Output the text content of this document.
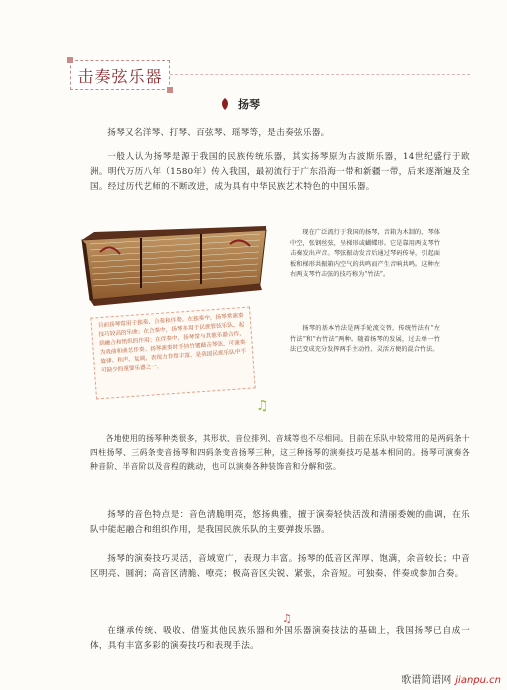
击奏弦乐器
扬琴
扬琴又名洋琴、打琴、百弦琴、瑶琴等，是击奏弦乐器。
一般人认为扬琴是源于我国的民族传统乐器，其实扬琴原为古波斯乐器，14世纪盛行于欧洲。明代万历八年（1580年）传入我国，最初流行于广东沿海一带和新疆一带，后来逐渐遍及全国。经过历代艺师的不断改进，成为具有中华民族艺术特色的中国乐器。
现在广泛流行于我国的扬琴，音箱为木制的，琴体中空，张钢丝弦，呈梯形或蝴蝶形。它是靠用两支琴竹击奏发出声音。琴弦振动发音后通过琴码传导，引起面板和梯形共振箱内空气的共鸣而产生音响共鸣。这种左右两支琴竹击弦的技巧称为“竹法”。
扬琴的基本竹法是两手轮流交替，传统竹法有“左竹法”和“右竹法”两种。随着扬琴的发展，过去单一竹法已变成充分发挥两手主动性、灵活方便的混合竹法。
目前扬琴常用于独奏、合奏和伴奏。在独奏中，扬琴常演奏技巧较高的乐曲；在合奏中，扬琴多用于民族管弦乐队，起到融合和组织的作用；在伴奏中，扬琴常与其他乐器合作，为戏曲和曲艺伴奏。扬琴演奏时手持竹键敲击琴弦，可演奏旋律、和声、复调，表现力非常丰富，是我国民族乐队中不可缺少的重要乐器之一。
♫
各地使用的扬琴种类很多，其形状、音位排列、音域等也不尽相同。目前在乐队中较常用的是两码条十四柱扬琴、三码条变音扬琴和四码条变音扬琴三种，这三种扬琴的演奏技巧是基本相同的。扬琴可演奏各种音阶、半音阶以及音程的跳动，也可以演奏各种装饰音和分解和弦。
扬琴的音色特点是：音色清脆明亮，悠扬典雅，擅于演奏轻快活泼和清丽委婉的曲调，在乐队中能起融合和组织作用，是我国民族乐队的主要弹拨乐器。
扬琴的演奏技巧灵活，音域宽广，表现力丰富。扬琴的低音区浑厚、饱满，余音较长；中音区明亮、圆润；高音区清脆、嘹亮；极高音区尖锐、紧张，余音短。可独奏、伴奏或参加合奏。
♫
在继承传统、吸收、借鉴其他民族乐器和外国乐器演奏技法的基础上，我国扬琴已自成一体，具有丰富多彩的演奏技巧和表现手法。
歌谱简谱网 jianpu.cn
